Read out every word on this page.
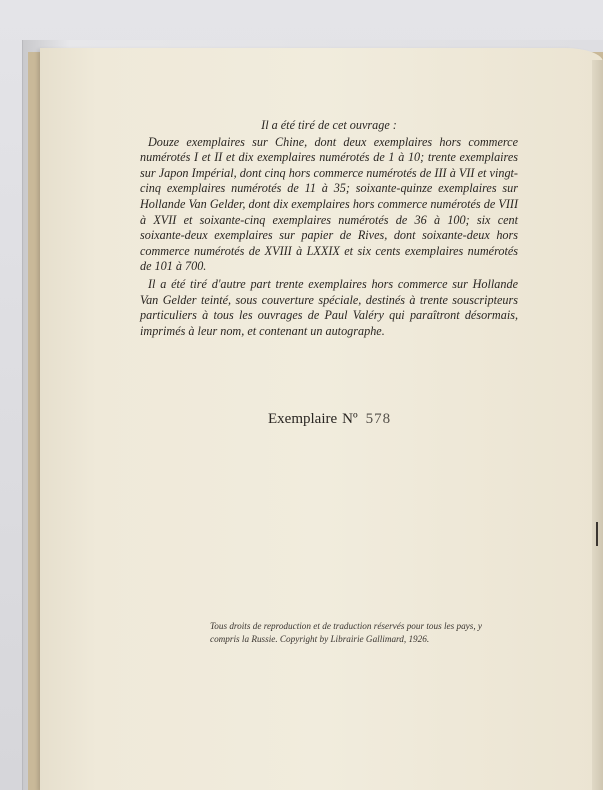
Il a été tiré de cet ouvrage :

Douze exemplaires sur Chine, dont deux exemplaires hors commerce numérotés I et II et dix exemplaires numérotés de 1 à 10; trente exemplaires sur Japon Impérial, dont cinq hors commerce numérotés de III à VII et vingt-cinq exemplaires numérotés de 11 à 35; soixante-quinze exemplaires sur Hollande Van Gelder, dont dix exemplaires hors commerce numérotés de VIII à XVII et soixante-cinq exemplaires numérotés de 36 à 100; six cent soixante-deux exemplaires sur papier de Rives, dont soixante-deux hors commerce numérotés de XVIII à LXXIX et six cents exemplaires numérotés de 101 à 700.

Il a été tiré d'autre part trente exemplaires hors commerce sur Hollande Van Gelder teinté, sous couverture spéciale, destinés à trente souscripteurs particuliers à tous les ouvrages de Paul Valéry qui paraîtront désormais, imprimés à leur nom, et contenant un autographe.

Exemplaire Nº 578
Tous droits de reproduction et de traduction réservés pour tous les pays, y compris la Russie. Copyright by Librairie Gallimard, 1926.
